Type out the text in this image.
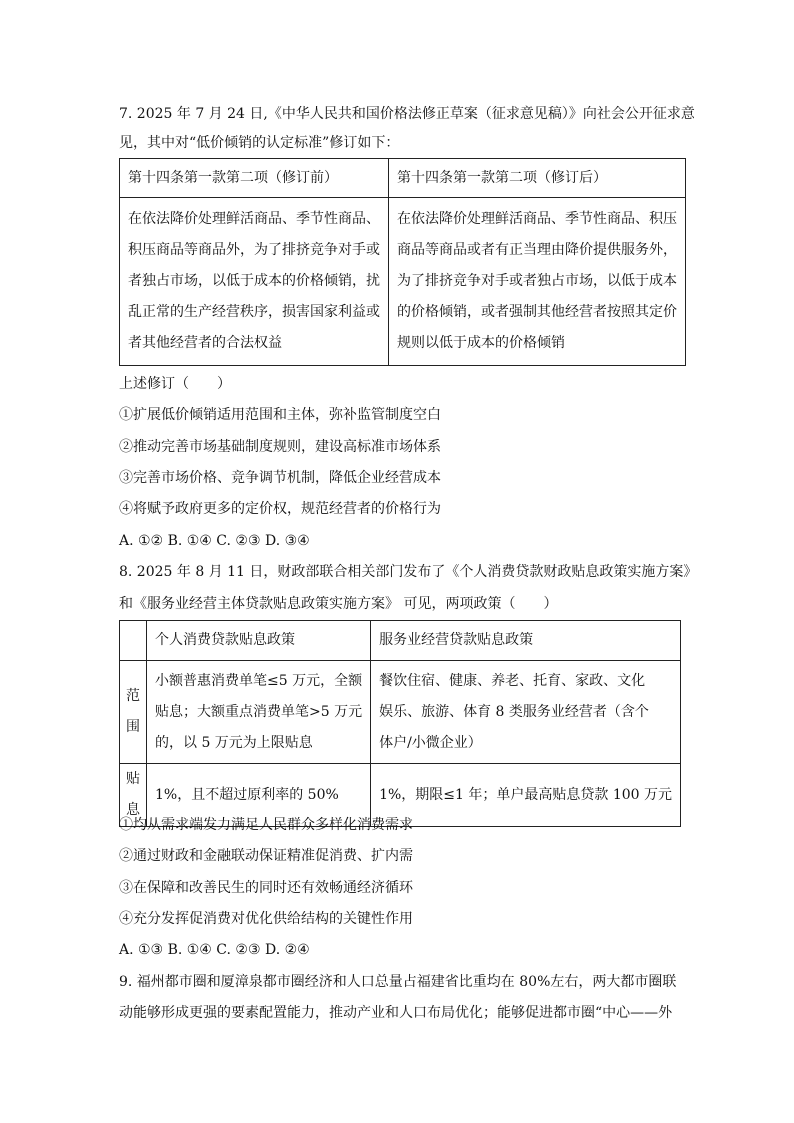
7. 2025 年 7 月 24 日,《中华人民共和国价格法修正草案（征求意见稿）》向社会公开征求意
见，其中对“低价倾销的认定标准”修订如下：
第十四条第一款第二项（修订前）	第十四条第一款第二项（修订后）

在依法降价处理鲜活商品、季节性商品、
积压商品等商品外，为了排挤竞争对手或
者独占市场，以低于成本的价格倾销，扰
乱正常的生产经营秩序，损害国家利益或
者其他经营者的合法权益	在依法降价处理鲜活商品、季节性商品、积压
商品等商品或者有正当理由降价提供服务外，
为了排挤竞争对手或者独占市场，以低于成本
的价格倾销，或者强制其他经营者按照其定价
规则以低于成本的价格倾销
上述修订（　　）
①扩展低价倾销适用范围和主体，弥补监管制度空白
②推动完善市场基础制度规则，建设高标准市场体系
③完善市场价格、竞争调节机制，降低企业经营成本
④将赋予政府更多的定价权，规范经营者的价格行为
A. ①② B. ①④ C. ②③ D. ③④
8. 2025 年 8 月 11 日，财政部联合相关部门发布了《个人消费贷款财政贴息政策实施方案》
和《服务业经营主体贷款贴息政策实施方案》 可见，两项政策（　　）
	个人消费贷款贴息政策	服务业经营贷款贴息政策
范围	小额普惠消费单笔≤5 万元，全额
贴息；大额重点消费单笔>5 万元
的，以 5 万元为上限贴息	餐饮住宿、健康、养老、托育、家政、文化
娱乐、旅游、体育 8 类服务业经营者（含个
体户/小微企业）

贴息	1%，且不超过原利率的 50%	1%，期限≤1 年；单户最高贴息贷款 100 万元
①均从需求端发力满足人民群众多样化消费需求
②通过财政和金融联动保证精准促消费、扩内需
③在保障和改善民生的同时还有效畅通经济循环
④充分发挥促消费对优化供给结构的关键性作用
A. ①③ B. ①④ C. ②③ D. ②④
9. 福州都市圈和厦漳泉都市圈经济和人口总量占福建省比重均在 80%左右，两大都市圈联
动能够形成更强的要素配置能力，推动产业和人口布局优化；能够促进都市圈“中心——外
